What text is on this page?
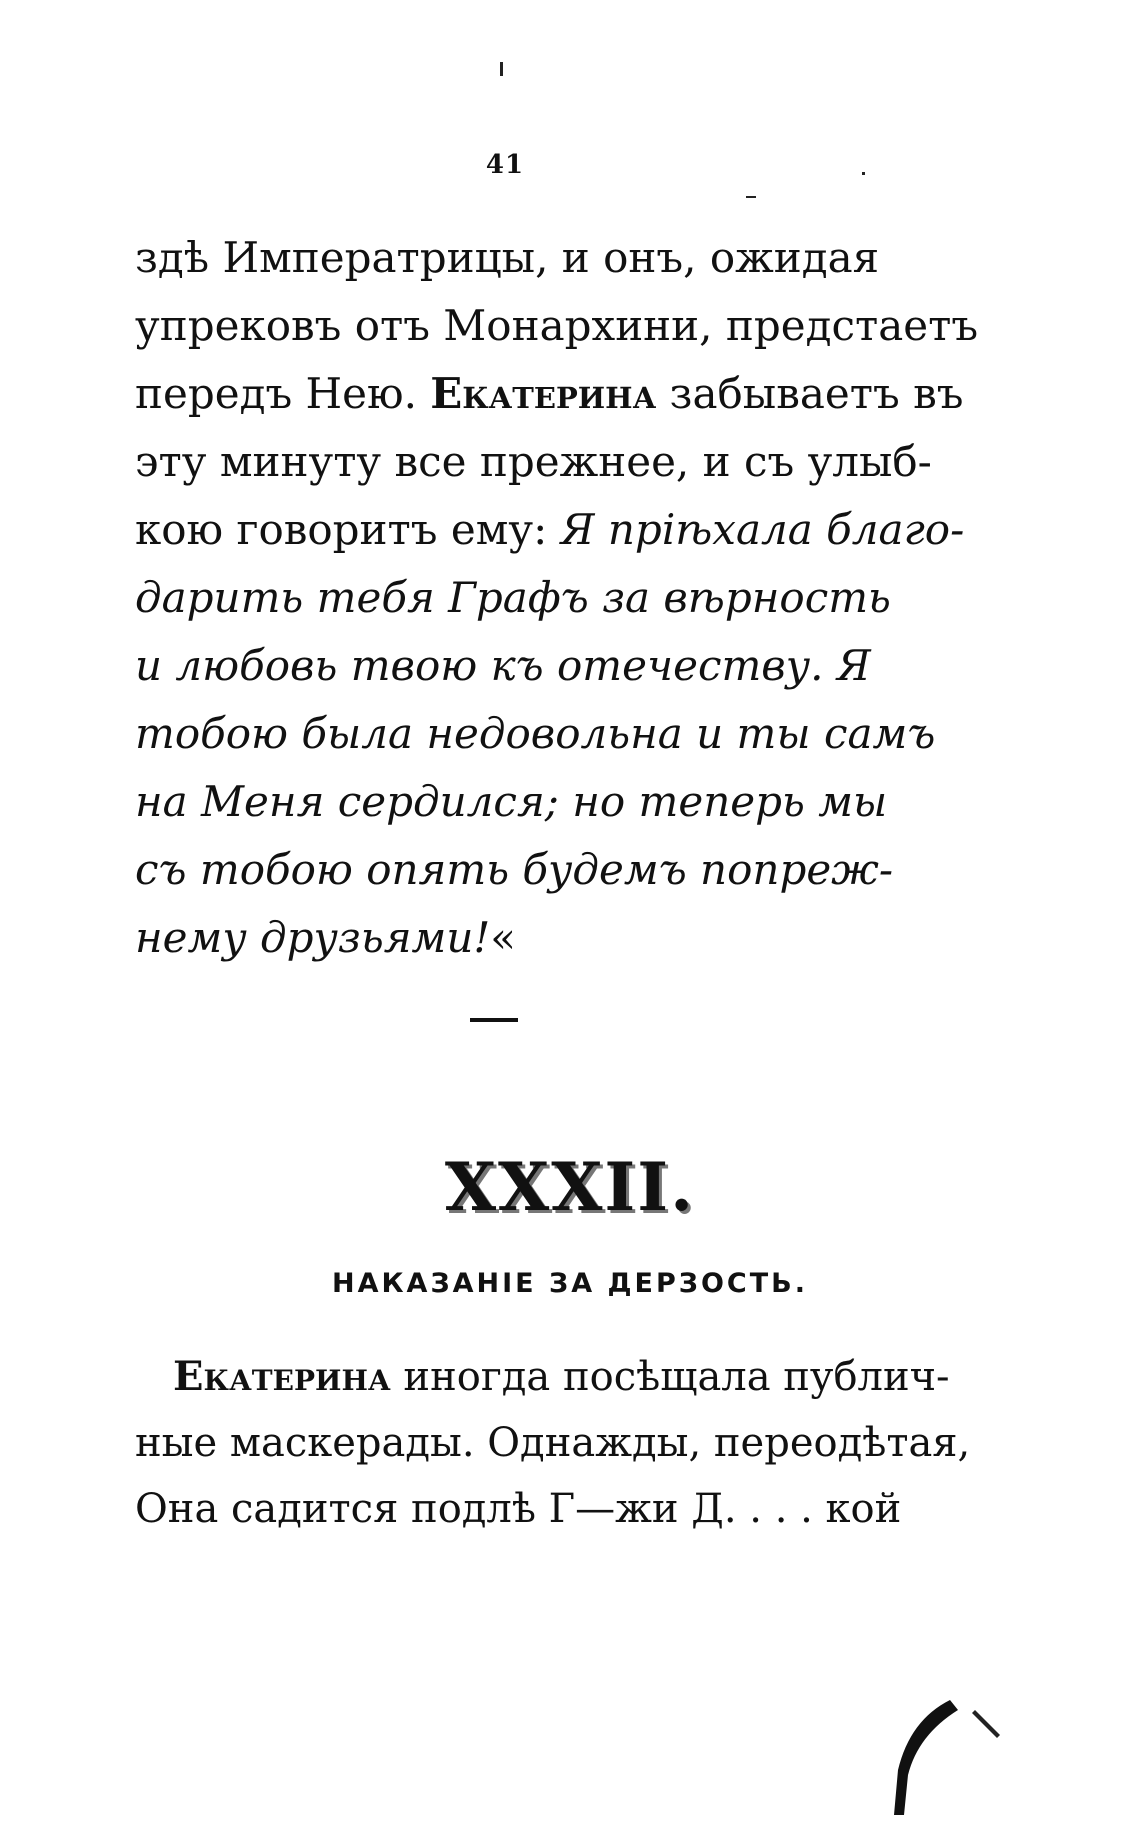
41
здѣ Императрицы, и онъ, ожидая
упрековъ отъ Монархини, предстаетъ
передъ Нею. Екатерина забываетъ въ
эту минуту все прежнее, и съ улыб-
кою говоритъ ему: Я пріѣхала благо-
дарить тебя Графъ за вѣрность
и любовь твою къ отечеству. Я
тобою была недовольна и ты самъ
на Меня сердился; но теперь мы
съ тобою опять будемъ попреж-
нему друзьями!«
XXXII.
НАКАЗАНІЕ ЗА ДЕРЗОСТЬ.
Екатерина иногда посѣщала публич-
ные маскерады. Однажды, переодѣтая,
Она садится подлѣ Г—жи Д. . . . кой
